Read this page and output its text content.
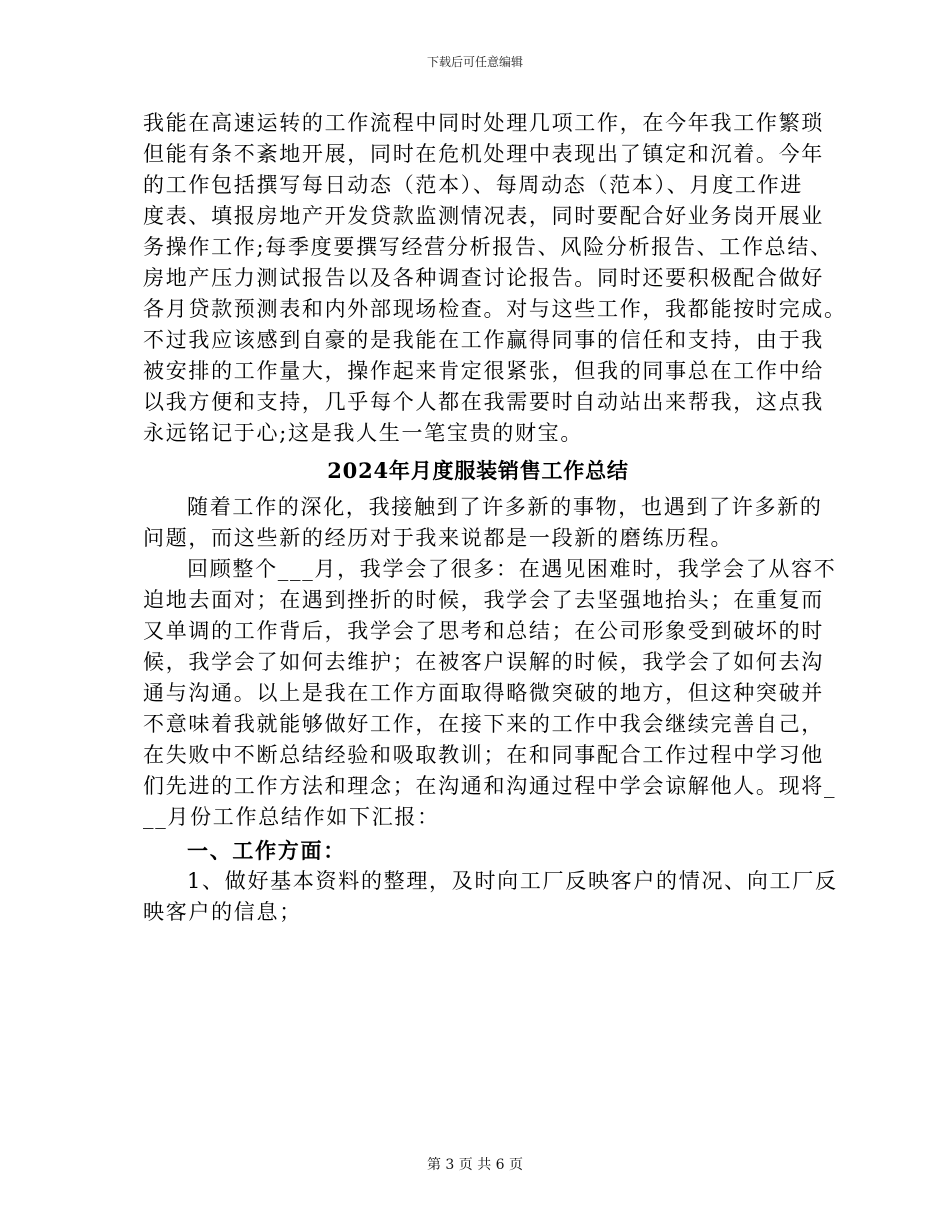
下载后可任意编辑
我能在高速运转的工作流程中同时处理几项工作，在今年我工作繁琐
但能有条不紊地开展，同时在危机处理中表现出了镇定和沉着。今年
的工作包括撰写每日动态（范本）、每周动态（范本）、月度工作进
度表、填报房地产开发贷款监测情况表，同时要配合好业务岗开展业
务操作工作;每季度要撰写经营分析报告、风险分析报告、工作总结、
房地产压力测试报告以及各种调查讨论报告。同时还要积极配合做好
各月贷款预测表和内外部现场检查。对与这些工作，我都能按时完成。
不过我应该感到自豪的是我能在工作赢得同事的信任和支持，由于我
被安排的工作量大，操作起来肯定很紧张，但我的同事总在工作中给
以我方便和支持，几乎每个人都在我需要时自动站出来帮我，这点我
永远铭记于心;这是我人生一笔宝贵的财宝。
2024年月度服装销售工作总结
随着工作的深化，我接触到了许多新的事物，也遇到了许多新的
问题，而这些新的经历对于我来说都是一段新的磨练历程。
回顾整个___月，我学会了很多：在遇见困难时，我学会了从容不
迫地去面对；在遇到挫折的时候，我学会了去坚强地抬头；在重复而
又单调的工作背后，我学会了思考和总结；在公司形象受到破坏的时
候，我学会了如何去维护；在被客户误解的时候，我学会了如何去沟
通与沟通。以上是我在工作方面取得略微突破的地方，但这种突破并
不意味着我就能够做好工作，在接下来的工作中我会继续完善自己，
在失败中不断总结经验和吸取教训；在和同事配合工作过程中学习他
们先进的工作方法和理念；在沟通和沟通过程中学会谅解他人。现将_
__月份工作总结作如下汇报：
一、工作方面：
1、做好基本资料的整理，及时向工厂反映客户的情况、向工厂反
映客户的信息；
第 3 页 共 6 页
